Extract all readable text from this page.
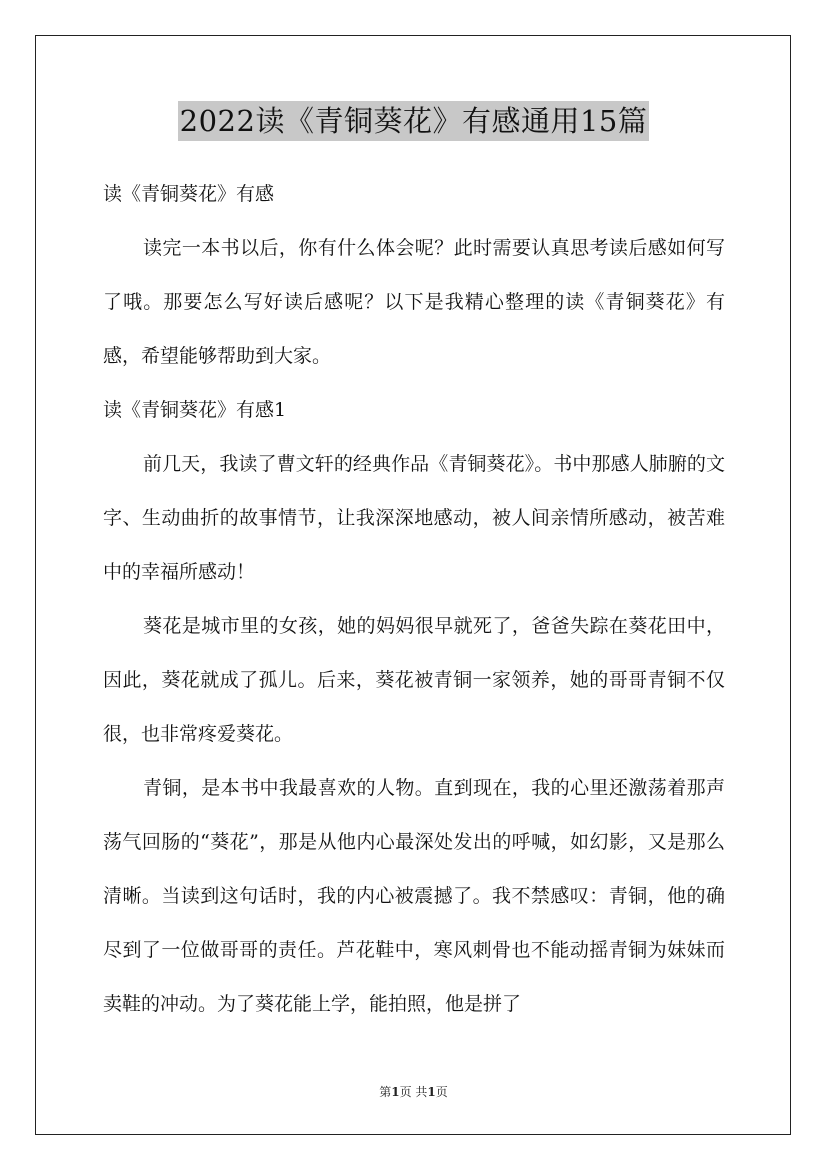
2022读《青铜葵花》有感通用15篇

读《青铜葵花》有感

读完一本书以后，你有什么体会呢？此时需要认真思考读后感如何写了哦。那要怎么写好读后感呢？以下是我精心整理的读《青铜葵花》有感，希望能够帮助到大家。

读《青铜葵花》有感1

前几天，我读了曹文轩的经典作品《青铜葵花》。书中那感人肺腑的文字、生动曲折的故事情节，让我深深地感动，被人间亲情所感动，被苦难中的幸福所感动！

葵花是城市里的女孩，她的妈妈很早就死了，爸爸失踪在葵花田中，因此，葵花就成了孤儿。后来，葵花被青铜一家领养，她的哥哥青铜不仅很，也非常疼爱葵花。

青铜，是本书中我最喜欢的人物。直到现在，我的心里还激荡着那声荡气回肠的“葵花”，那是从他内心最深处发出的呼喊，如幻影，又是那么清晰。当读到这句话时，我的内心被震撼了。我不禁感叹：青铜，他的确尽到了一位做哥哥的责任。芦花鞋中，寒风刺骨也不能动摇青铜为妹妹而卖鞋的冲动。为了葵花能上学，能拍照，他是拼了

第1页 共1页
